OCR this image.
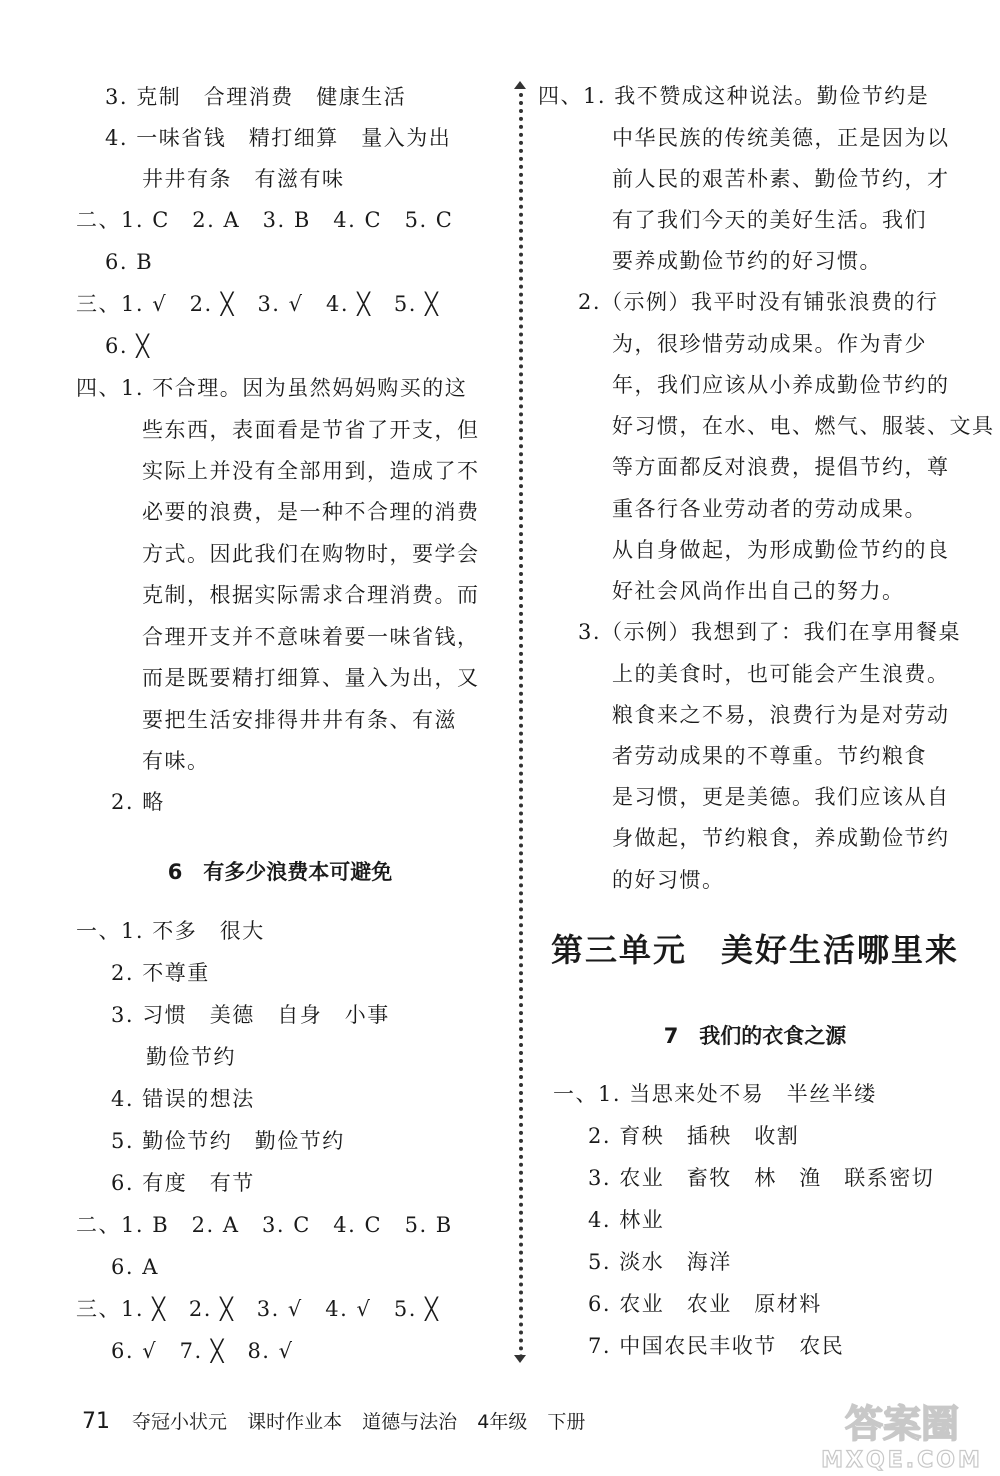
3. 克制　合理消费　健康生活
4. 一味省钱　精打细算　量入为出
井井有条　有滋有味
二、1. C　2. A　3. B　4. C　5. C
6. B
三、1. √　2. ╳　3. √　4. ╳　5. ╳
6. ╳
四、1. 不合理。因为虽然妈妈购买的这
些东西，表面看是节省了开支，但
实际上并没有全部用到，造成了不
必要的浪费，是一种不合理的消费
方式。因此我们在购物时，要学会
克制，根据实际需求合理消费。而
合理开支并不意味着要一味省钱，
而是既要精打细算、量入为出，又
要把生活安排得井井有条、有滋
有味。
2. 略
6　有多少浪费本可避免
一、1. 不多　很大
2. 不尊重
3. 习惯　美德　自身　小事
勤俭节约
4. 错误的想法
5. 勤俭节约　勤俭节约
6. 有度　有节
二、1. B　2. A　3. C　4. C　5. B
6. A
三、1. ╳　2. ╳　3. √　4. √　5. ╳
6. √　7. ╳　8. √
四、1. 我不赞成这种说法。勤俭节约是
中华民族的传统美德，正是因为以
前人民的艰苦朴素、勤俭节约，才
有了我们今天的美好生活。我们
要养成勤俭节约的好习惯。
2.（示例）我平时没有铺张浪费的行
为，很珍惜劳动成果。作为青少
年，我们应该从小养成勤俭节约的
好习惯，在水、电、燃气、服装、文具
等方面都反对浪费，提倡节约，尊
重各行各业劳动者的劳动成果。
从自身做起，为形成勤俭节约的良
好社会风尚作出自己的努力。
3.（示例）我想到了：我们在享用餐桌
上的美食时，也可能会产生浪费。
粮食来之不易，浪费行为是对劳动
者劳动成果的不尊重。节约粮食
是习惯，更是美德。我们应该从自
身做起，节约粮食，养成勤俭节约
的好习惯。
第三单元　美好生活哪里来
7　我们的衣食之源
一、1. 当思来处不易　半丝半缕
2. 育秧　插秧　收割
3. 农业　畜牧　林　渔　联系密切
4. 林业
5. 淡水　海洋
6. 农业　农业　原材料
7. 中国农民丰收节　农民
71 夺冠小状元 课时作业本 道德与法治 4年级 下册	答案圈
MXQE.COM
